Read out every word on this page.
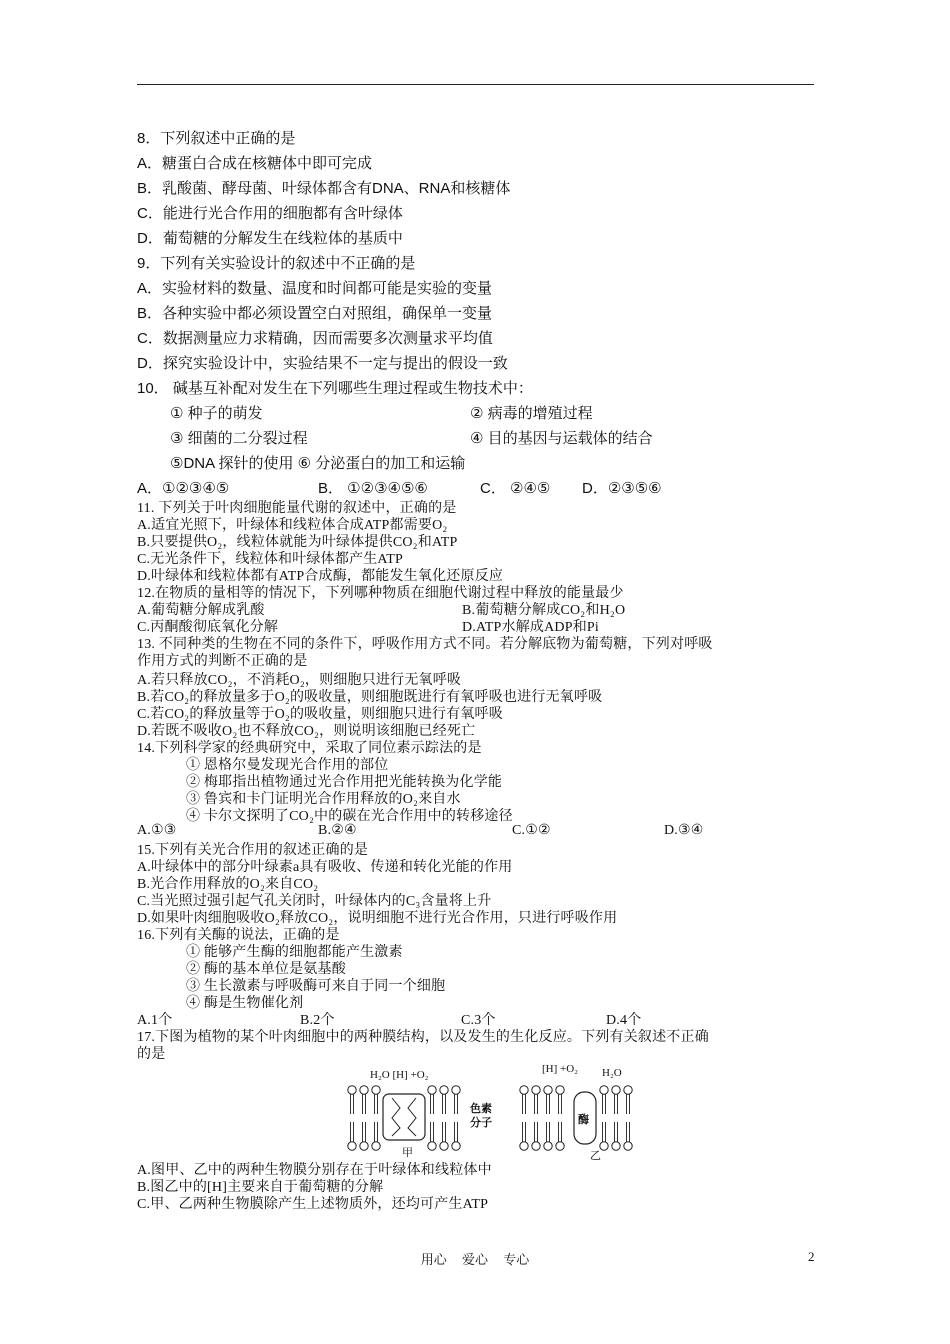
8．下列叙述中正确的是
A．糖蛋白合成在核糖体中即可完成
B．乳酸菌、酵母菌、叶绿体都含有DNA、RNA和核糖体
C．能进行光合作用的细胞都有含叶绿体
D．葡萄糖的分解发生在线粒体的基质中
9．下列有关实验设计的叙述中不正确的是
A．实验材料的数量、温度和时间都可能是实验的变量
B．各种实验中都必须设置空白对照组，确保单一变量
C．数据测量应力求精确，因而需要多次测量求平均值
D．探究实验设计中，实验结果不一定与提出的假设一致
10． 碱基互补配对发生在下列哪些生理过程或生物技术中：
① 种子的萌发	② 病毒的增殖过程
③ 细菌的二分裂过程	④ 目的基因与运载体的结合
⑤DNA 探针的使用 ⑥ 分泌蛋白的加工和运输
A．①②③④⑤	B． ①②③④⑤⑥	C． ②④⑤ D．②③⑤⑥
11. 下列关于叶肉细胞能量代谢的叙述中，正确的是
A.适宜光照下，叶绿体和线粒体合成ATP都需要O₂
B.只要提供O₂，线粒体就能为叶绿体提供CO₂和ATP
C.无光条件下，线粒体和叶绿体都产生ATP
D.叶绿体和线粒体都有ATP合成酶，都能发生氧化还原反应
12.在物质的量相等的情况下，下列哪种物质在细胞代谢过程中释放的能量最少
A.葡萄糖分解成乳酸	B.葡萄糖分解成CO₂和H₂O
C.丙酮酸彻底氧化分解	D.ATP水解成ADP和Pi
13. 不同种类的生物在不同的条件下，呼吸作用方式不同。若分解底物为葡萄糖，下列对呼吸
作用方式的判断不正确的是
A.若只释放CO₂，不消耗O₂，则细胞只进行无氧呼吸
B.若CO₂的释放量多于O₂的吸收量，则细胞既进行有氧呼吸也进行无氧呼吸
C.若CO₂的释放量等于O₂的吸收量，则细胞只进行有氧呼吸
D.若既不吸收O₂也不释放CO₂，则说明该细胞已经死亡
14.下列科学家的经典研究中，采取了同位素示踪法的是
① 恩格尔曼发现光合作用的部位
② 梅耶指出植物通过光合作用把光能转换为化学能
③ 鲁宾和卡门证明光合作用释放的O₂来自水
④ 卡尔文探明了CO₂中的碳在光合作用中的转移途径
A.①③	B.②④	C.①②	D.③④
15.下列有关光合作用的叙述正确的是
A.叶绿体中的部分叶绿素a具有吸收、传递和转化光能的作用
B.光合作用释放的O₂来自CO₂
C.当光照过强引起气孔关闭时，叶绿体内的C₃含量将上升
D.如果叶肉细胞吸收O₂释放CO₂，说明细胞不进行光合作用，只进行呼吸作用
16.下列有关酶的说法，正确的是
① 能够产生酶的细胞都能产生激素
② 酶的基本单位是氨基酸
③ 生长激素与呼吸酶可来自于同一个细胞
④ 酶是生物催化剂
A.1个	B.2个	C.3个	D.4个
17.下图为植物的某个叶肉细胞中的两种膜结构，以及发生的生化反应。下列有关叙述不正确
的是
H₂O [H] +O₂
色素
分子
甲
[H] +O₂ H₂O
酶
乙
A.图甲、乙中的两种生物膜分别存在于叶绿体和线粒体中
B.图乙中的[H]主要来自于葡萄糖的分解
C.甲、乙两种生物膜除产生上述物质外，还均可产生ATP
用心 爱心 专心	2
